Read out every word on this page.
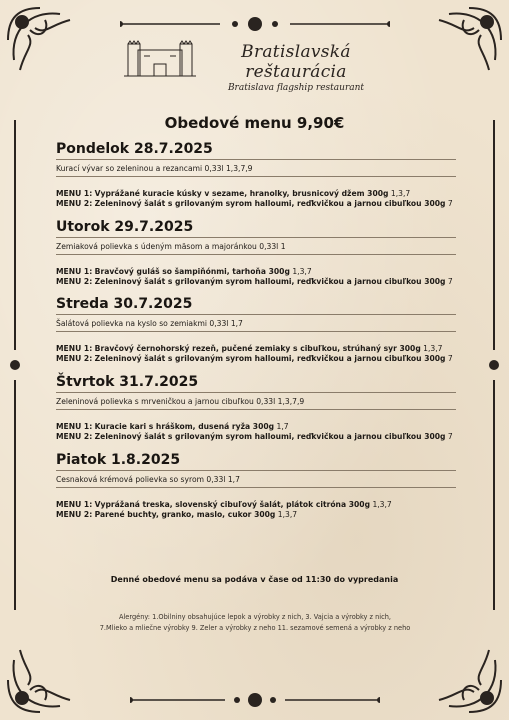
Bratislavská reštaurácia
Bratislava flagship restaurant
Obedové menu 9,90€
Pondelok 28.7.2025
Kurací vývar so zeleninou a rezancami 0,33l 1,3,7,9
MENU 1: Vyprážané kuracie kúsky v sezame, hranolky, brusnicový džem 300g 1,3,7
MENU 2: Zeleninový šalát s grilovaným syrom halloumi, reďkvičkou a jarnou cibuľkou 300g 7
Utorok 29.7.2025
Zemiaková polievka s údeným mäsom a majoránkou 0,33l 1
MENU 1: Bravčový guláš so šampiňónmi, tarhoňa 300g 1,3,7
MENU 2: Zeleninový šalát s grilovaným syrom halloumi, reďkvičkou a jarnou cibuľkou 300g 7
Streda 30.7.2025
Šalátová polievka na kyslo so zemiakmi 0,33l 1,7
MENU 1: Bravčový černohorský rezeň, pučené zemiaky s cibuľkou, strúhaný syr 300g 1,3,7
MENU 2: Zeleninový šalát s grilovaným syrom halloumi, reďkvičkou a jarnou cibuľkou 300g 7
Štvrtok 31.7.2025
Zeleninová polievka s mrveničkou a jarnou cibuľkou 0,33l 1,3,7,9
MENU 1: Kuracie kari s hráškom, dusená ryža 300g 1,7
MENU 2: Zeleninový šalát s grilovaným syrom halloumi, reďkvičkou a jarnou cibuľkou 300g 7
Piatok 1.8.2025
Cesnaková krémová polievka so syrom 0,33l 1,7
MENU 1: Vyprážaná treska, slovenský cibuľový šalát, plátok citróna 300g 1,3,7
MENU 2: Parené buchty, granko, maslo, cukor 300g 1,3,7
Denné obedové menu sa podáva v čase od 11:30 do vypredania
Alergény: 1.Obilniny obsahujúce lepok a výrobky z nich, 3. Vajcia a výrobky z nich,
7.Mlieko a mliečne výrobky 9. Zeler a výrobky z neho 11. sezamové semená a výrobky z neho
